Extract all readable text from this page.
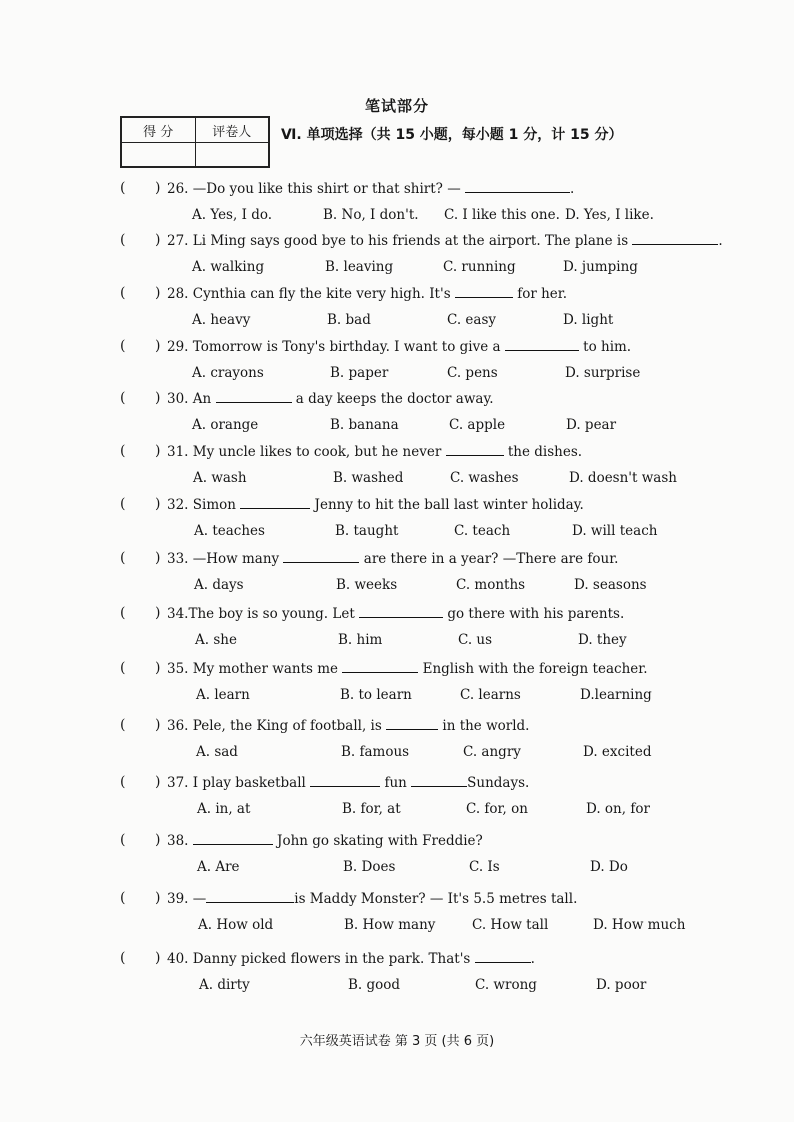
笔试部分
得 分	评卷人
	Ⅵ. 单项选择（共 15 小题，每小题 1 分，计 15 分）
( ) 26. —Do you like this shirt or that shirt? —	.
A. Yes, I do.	B. No, I don't. C. I like this one. D. Yes, I like.
( ) 27. Li Ming says good bye to his friends at the airport. The plane is	.
A. walking	B. leaving	C. running	D. jumping
( ) 28. Cynthia can fly the kite very high. It's	for her.
A. heavy	B. bad	C. easy	D. light
( ) 29. Tomorrow is Tony's birthday. I want to give a	to him.
A. crayons	B. paper	C. pens	D. surprise
( ) 30. An	a day keeps the doctor away.
A. orange	B. banana	C. apple	D. pear
( ) 31. My uncle likes to cook, but he never	the dishes.
A. wash	B. washed	C. washes	D. doesn't wash
( ) 32. Simon	Jenny to hit the ball last winter holiday.
A. teaches	B. taught	C. teach	D. will teach
( ) 33. —How many	are there in a year? —There are four.
A. days	B. weeks	C. months	D. seasons
( ) 34.The boy is so young. Let	go there with his parents.
A. she	B. him	C. us	D. they
( ) 35. My mother wants me	English with the foreign teacher.
A. learn	B. to learn	C. learns	D.learning
( ) 36. Pele, the King of football, is	in the world.
A. sad	B. famous	C. angry	D. excited
( ) 37. I play basketball	fun	Sundays.
A. in, at	B. for, at	C. for, on	D. on, for
( ) 38.	John go skating with Freddie?
A. Are	B. Does	C. Is	D. Do
( ) 39. —	is Maddy Monster? — It's 5.5 metres tall.
A. How old	B. How many	C. How tall	D. How much
( ) 40. Danny picked flowers in the park. That's	.
A. dirty	B. good	C. wrong	D. poor
六年级英语试卷 第 3 页 (共 6 页)
